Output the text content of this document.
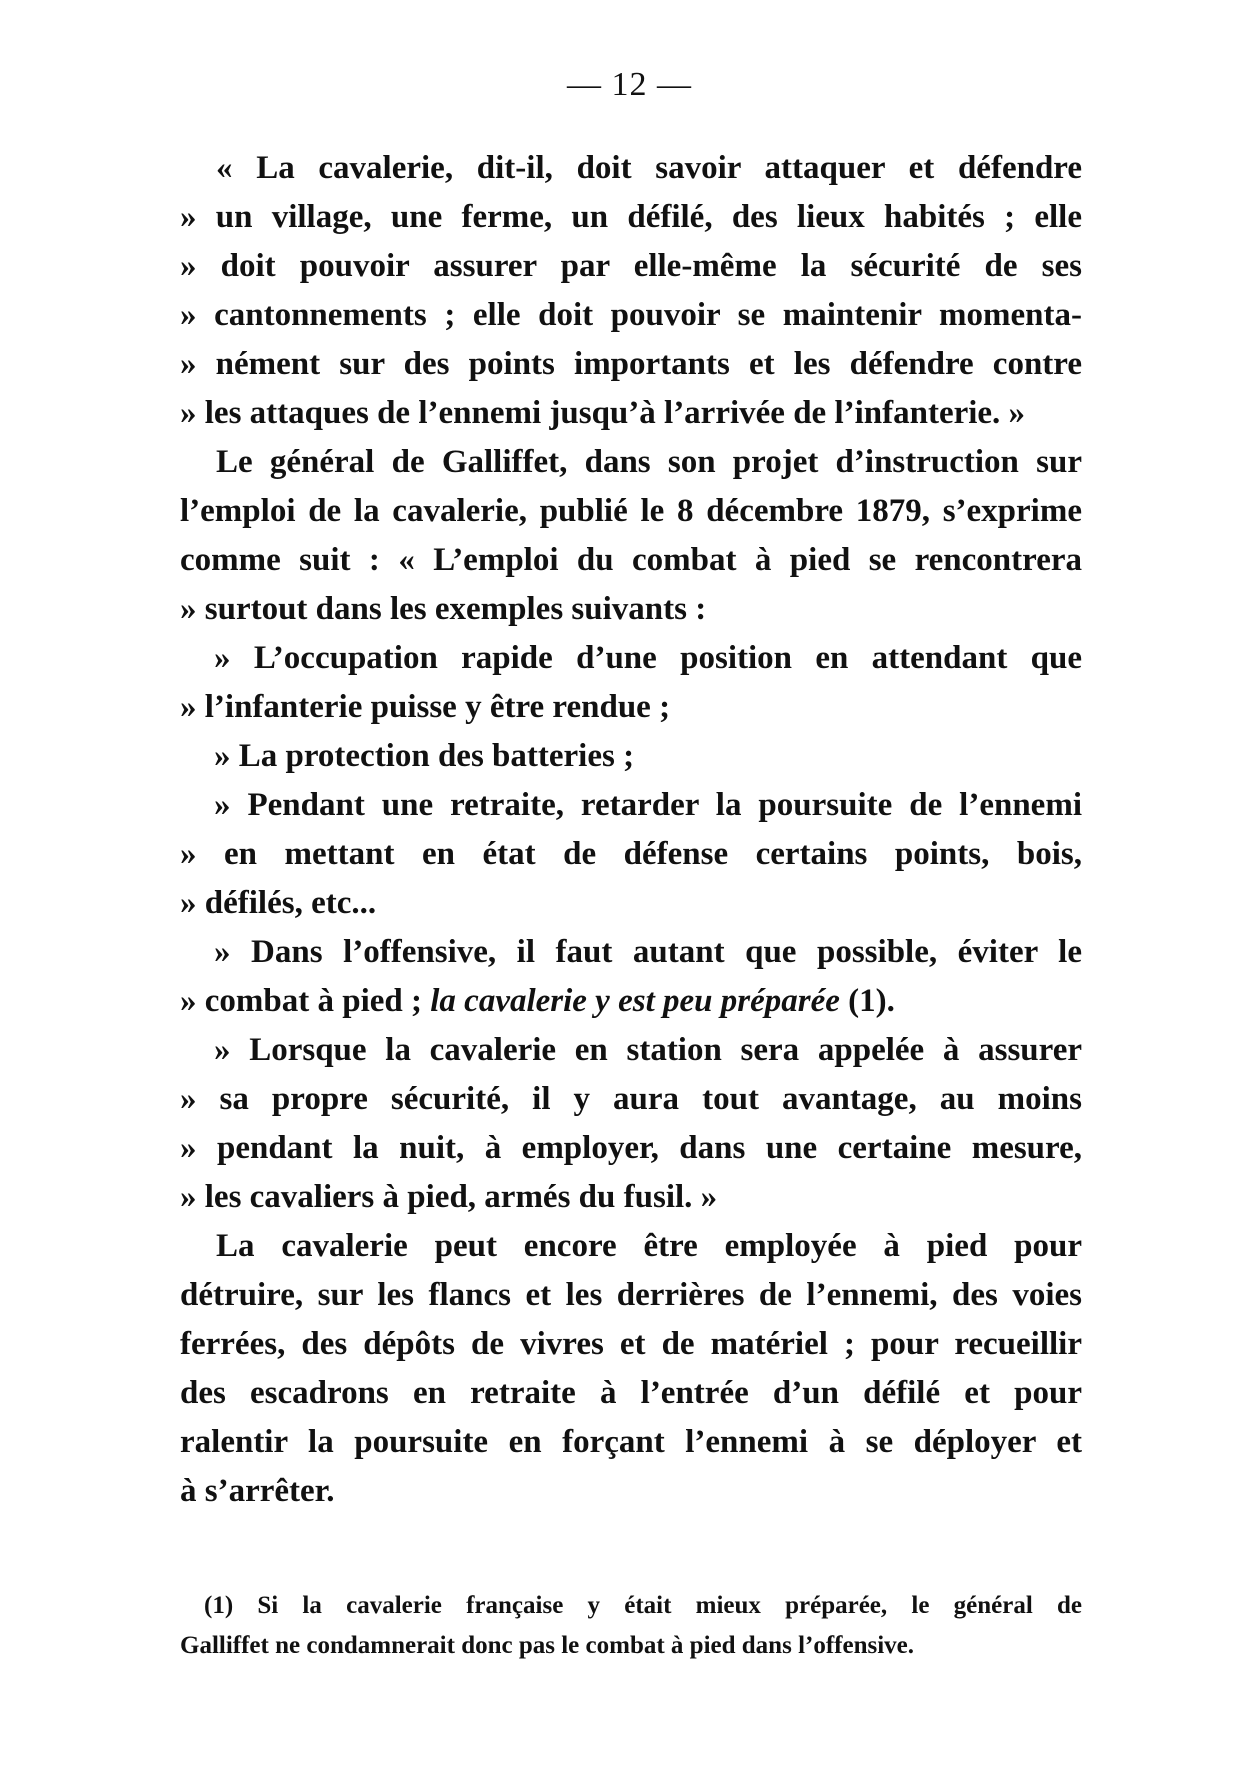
— 12 —
« La cavalerie, dit-il, doit savoir attaquer et défendre
» un village, une ferme, un défilé, des lieux habités ; elle
» doit pouvoir assurer par elle-même la sécurité de ses
» cantonnements ; elle doit pouvoir se maintenir momenta-
» nément sur des points importants et les défendre contre
» les attaques de l’ennemi jusqu’à l’arrivée de l’infanterie. »
Le général de Galliffet, dans son projet d’instruction sur
l’emploi de la cavalerie, publié le 8 décembre 1879, s’exprime
comme suit : « L’emploi du combat à pied se rencontrera
» surtout dans les exemples suivants :
» L’occupation rapide d’une position en attendant que
» l’infanterie puisse y être rendue ;
» La protection des batteries ;
» Pendant une retraite, retarder la poursuite de l’ennemi
» en mettant en état de défense certains points, bois,
» défilés, etc...
» Dans l’offensive, il faut autant que possible, éviter le
» combat à pied ; la cavalerie y est peu préparée (1).
» Lorsque la cavalerie en station sera appelée à assurer
» sa propre sécurité, il y aura tout avantage, au moins
» pendant la nuit, à employer, dans une certaine mesure,
» les cavaliers à pied, armés du fusil. »
La cavalerie peut encore être employée à pied pour
détruire, sur les flancs et les derrières de l’ennemi, des voies
ferrées, des dépôts de vivres et de matériel ; pour recueillir
des escadrons en retraite à l’entrée d’un défilé et pour
ralentir la poursuite en forçant l’ennemi à se déployer et
à s’arrêter.
(1) Si la cavalerie française y était mieux préparée, le général de
Galliffet ne condamnerait donc pas le combat à pied dans l’offensive.
